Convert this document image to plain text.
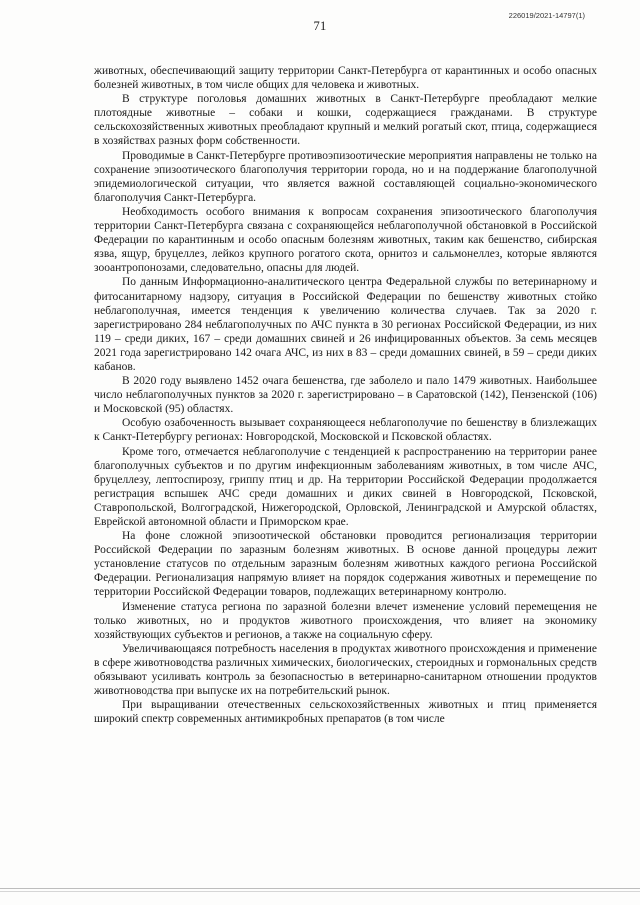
226019/2021-14797(1)
71

животных, обеспечивающий защиту территории Санкт-Петербурга от карантинных и особо опасных болезней животных, в том числе общих для человека и животных.

В структуре поголовья домашних животных в Санкт-Петербурге преобладают мелкие плотоядные животные – собаки и кошки, содержащиеся гражданами. В структуре сельскохозяйственных животных преобладают крупный и мелкий рогатый скот, птица, содержащиеся в хозяйствах разных форм собственности.

Проводимые в Санкт-Петербурге противоэпизоотические мероприятия направлены не только на сохранение эпизоотического благополучия территории города, но и на поддержание благополучной эпидемиологической ситуации, что является важной составляющей социально-экономического благополучия Санкт-Петербурга.

Необходимость особого внимания к вопросам сохранения эпизоотического благополучия территории Санкт-Петербурга связана с сохраняющейся неблагополучной обстановкой в Российской Федерации по карантинным и особо опасным болезням животных, таким как бешенство, сибирская язва, ящур, бруцеллез, лейкоз крупного рогатого скота, орнитоз и сальмонеллез, которые являются зооантропонозами, следовательно, опасны для людей.

По данным Информационно-аналитического центра Федеральной службы по ветеринарному и фитосанитарному надзору, ситуация в Российской Федерации по бешенству животных стойко неблагополучная, имеется тенденция к увеличению количества случаев. Так за 2020 г. зарегистрировано 284 неблагополучных по АЧС пункта в 30 регионах Российской Федерации, из них 119 – среди диких, 167 – среди домашних свиней и 26 инфицированных объектов. За семь месяцев 2021 года зарегистрировано 142 очага АЧС, из них в 83 – среди домашних свиней, в 59 – среди диких кабанов.

В 2020 году выявлено 1452 очага бешенства, где заболело и пало 1479 животных. Наибольшее число неблагополучных пунктов за 2020 г. зарегистрировано – в Саратовской (142), Пензенской (106) и Московской (95) областях.

Особую озабоченность вызывает сохраняющееся неблагополучие по бешенству в близлежащих к Санкт-Петербургу регионах: Новгородской, Московской и Псковской областях.

Кроме того, отмечается неблагополучие с тенденцией к распространению на территории ранее благополучных субъектов и по другим инфекционным заболеваниям животных, в том числе АЧС, бруцеллезу, лептоспирозу, гриппу птиц и др. На территории Российской Федерации продолжается регистрация вспышек АЧС среди домашних и диких свиней в Новгородской, Псковской, Ставропольской, Волгоградской, Нижегородской, Орловской, Ленинградской и Амурской областях, Еврейской автономной области и Приморском крае.

На фоне сложной эпизоотической обстановки проводится регионализация территории Российской Федерации по заразным болезням животных. В основе данной процедуры лежит установление статусов по отдельным заразным болезням животных каждого региона Российской Федерации. Регионализация напрямую влияет на порядок содержания животных и перемещение по территории Российской Федерации товаров, подлежащих ветеринарному контролю.

Изменение статуса региона по заразной болезни влечет изменение условий перемещения не только животных, но и продуктов животного происхождения, что влияет на экономику хозяйствующих субъектов и регионов, а также на социальную сферу.

Увеличивающаяся потребность населения в продуктах животного происхождения и применение в сфере животноводства различных химических, биологических, стероидных и гормональных средств обязывают усиливать контроль за безопасностью в ветеринарно-санитарном отношении продуктов животноводства при выпуске их на потребительский рынок.

При выращивании отечественных сельскохозяйственных животных и птиц применяется широкий спектр современных антимикробных препаратов (в том числе
